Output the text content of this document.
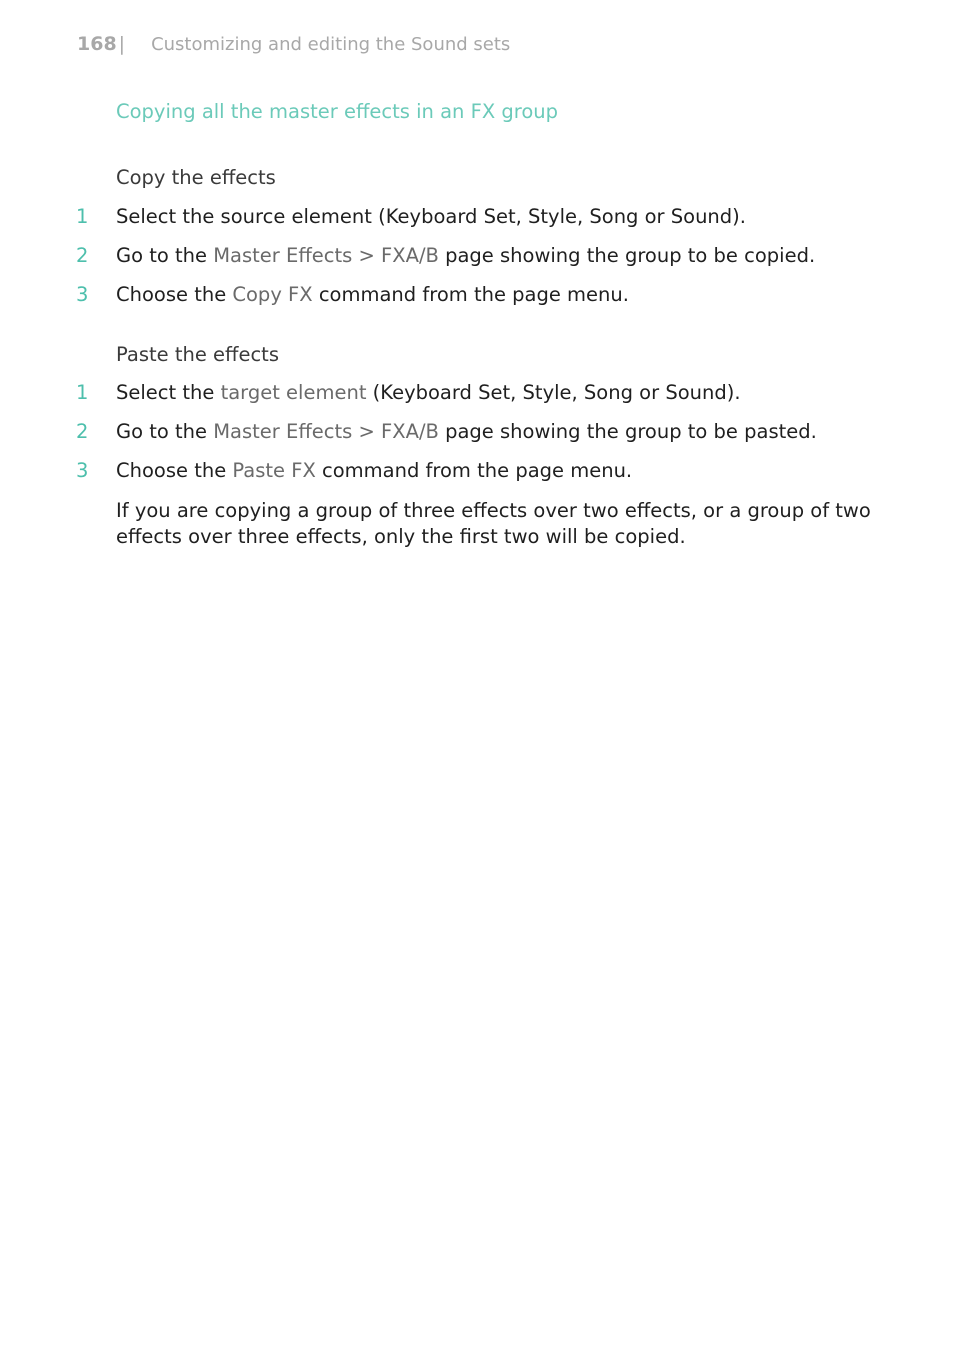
168 | Customizing and editing the Sound sets
Copying all the master effects in an FX group
Copy the effects
1 Select the source element (Keyboard Set, Style, Song or Sound).
2 Go to the Master Effects > FXA/B page showing the group to be copied.
3 Choose the Copy FX command from the page menu.
Paste the effects
1 Select the target element (Keyboard Set, Style, Song or Sound).
2 Go to the Master Effects > FXA/B page showing the group to be pasted.
3 Choose the Paste FX command from the page menu.
If you are copying a group of three effects over two effects, or a group of two effects over three effects, only the first two will be copied.
